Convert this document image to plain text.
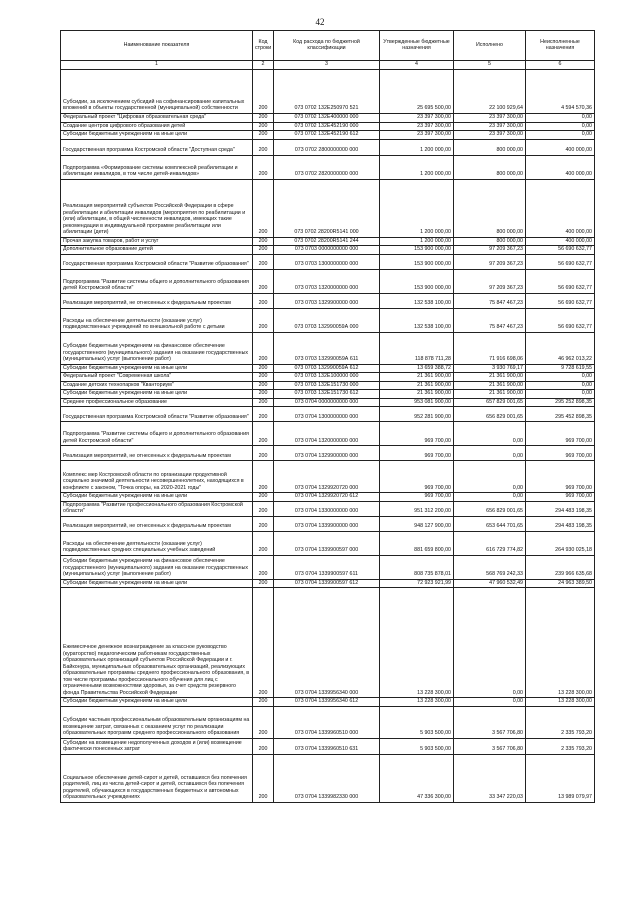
42
Наименование показателя	Код строки	Код расхода по бюджетной классификации	Утвержденные бюджетные назначения	Исполнено	Неисполненные назначения
1	2	3	4	5	6
Субсидии, за исключением субсидий на софинансирование капитальных вложений в объекты государственной (муниципальной) собственности	200	073 0702 132E250970 521	25 695 500,00	22 100 929,64	4 594 570,36
Федеральный проект "Цифровая образовательная среда"	200	073 0702 132E400000 000	23 397 300,00	23 397 300,00	0,00
Создание центров цифрового образования детей	200	073 0702 132E452190 000	23 397 300,00	23 397 300,00	0,00
Субсидии бюджетным учреждениям на иные цели	200	073 0702 132E452190 612	23 397 300,00	23 397 300,00	0,00
Государственная программа Костромской области "Доступная среда"	200	073 0702 2800000000 000	1 200 000,00	800 000,00	400 000,00
Подпрограмма «Формирование системы комплексной реабилитации и абилитации инвалидов, в том числе детей-инвалидов»	200	073 0702 2820000000 000	1 200 000,00	800 000,00	400 000,00
Реализация мероприятий субъектов Российской Федерации в сфере реабилитации и абилитации инвалидов (мероприятия по реабилитации и (или) абилитации, в общей численности инвалидов, имеющих такие рекомендации в индивидуальной программе реабилитации или абилитации (дети)	200	073 0702 28200R5141 000	1 200 000,00	800 000,00	400 000,00
Прочая закупка товаров, работ и услуг	200	073 0702 28200R5141 244	1 200 000,00	800 000,00	400 000,00
Дополнительное образование детей	200	073 0703 0000000000 000	153 900 000,00	97 209 367,23	56 690 632,77
Государственная программа Костромской области "Развитие образования"	200	073 0703 1300000000 000	153 900 000,00	97 209 367,23	56 690 632,77
Подпрограмма "Развитие системы общего и дополнительного образования детей Костромской области"	200	073 0703 1320000000 000	153 900 000,00	97 209 367,23	56 690 632,77
Реализация мероприятий, не отнесенных к федеральным проектам	200	073 0703 1329900000 000	132 538 100,00	75 847 467,23	56 690 632,77
Расходы на обеспечение деятельности (оказание услуг) подведомственных учреждений по внешкольной работе с детьми	200	073 0703 132990059А 000	132 538 100,00	75 847 467,23	56 690 632,77
Субсидии бюджетным учреждениям на финансовое обеспечение государственного (муниципального) задания на оказание государственных (муниципальных) услуг (выполнение работ)	200	073 0703 132990059А 611	118 878 711,28	71 916 698,06	46 962 013,22
Субсидии бюджетным учреждениям на иные цели	200	073 0703 132990059А 612	13 659 388,72	3 930 769,17	9 728 619,55
Федеральный проект "Современная школа"	200	073 0703 132E100000 000	21 361 900,00	21 361 900,00	0,00
Создание детских технопарков "Кванториум"	200	073 0703 132E151730 000	21 361 900,00	21 361 900,00	0,00
Субсидии бюджетным учреждениям на иные цели	200	073 0703 132E151730 612	21 361 900,00	21 361 900,00	0,00
Среднее профессиональное образование	200	073 0704 0000000000 000	953 081 900,00	657 829 001,65	295 252 898,35
Государственная программа Костромской области "Развитие образования"	200	073 0704 1300000000 000	952 281 900,00	656 829 001,65	295 452 898,35
Подпрограмма "Развитие системы общего и дополнительного образования детей Костромской области"	200	073 0704 1320000000 000	969 700,00	0,00	969 700,00
Реализация мероприятий, не отнесенных к федеральным проектам	200	073 0704 1329900000 000	969 700,00	0,00	969 700,00
Комплекс мер Костромской области по организации продуктивной социально значимой деятельности несовершеннолетних, находящихся в конфликте с законом, "Точка опоры, на 2020-2021 годы"	200	073 0704 1329920720 000	969 700,00	0,00	969 700,00
Субсидии бюджетным учреждениям на иные цели	200	073 0704 1329920720 612	969 700,00	0,00	969 700,00
Подпрограмма "Развитие профессионального образования Костромской области"	200	073 0704 1330000000 000	951 312 200,00	656 829 001,65	294 483 198,35
Реализация мероприятий, не отнесенных к федеральным проектам	200	073 0704 1339900000 000	948 127 900,00	653 644 701,65	294 483 198,35
Расходы на обеспечение деятельности (оказание услуг) подведомственных средних специальных учебных заведений	200	073 0704 1339900597 000	881 659 800,00	616 729 774,82	264 930 025,18
Субсидии бюджетным учреждениям на финансовое обеспечение государственного (муниципального) задания на оказание государственных (муниципальных) услуг (выполнение работ)	200	073 0704 1339900597 611	808 735 878,01	568 769 242,33	239 966 635,68
Субсидии бюджетным учреждениям на иные цели	200	073 0704 1339900597 612	72 923 921,99	47 960 532,49	24 963 389,50
Ежемесячное денежное вознаграждение за классное руководство (кураторство) педагогическим работникам государственных образовательных организаций субъектов Российской Федерации и г. Байконура, муниципальных образовательных организаций, реализующих образовательные программы среднего профессионального образования, в том числе программы профессионального обучения для лиц с ограниченными возможностями здоровья, за счет средств резервного фонда Правительства Российской Федерации	200	073 0704 1339956340 000	13 228 300,00	0,00	13 228 300,00
Субсидии бюджетным учреждениям на иные цели	200	073 0704 1339956340 612	13 228 300,00	0,00	13 228 300,00
Субсидии частным профессиональным образовательным организациям на возмещение затрат, связанных с оказанием услуг по реализации образовательных программ среднего профессионального образования	200	073 0704 1339960510 000	5 903 500,00	3 567 706,80	2 335 793,20
Субсидии на возмещение недополученных доходов и (или) возмещение фактически понесенных затрат	200	073 0704 1339960510 631	5 903 500,00	3 567 706,80	2 335 793,20
Социальное обеспечение детей-сирот и детей, оставшихся без попечения родителей, лиц из числа детей-сирот и детей, оставшихся без попечения родителей, обучающихся в государственных бюджетных и автономных образовательных учреждениях	200	073 0704 1339982330 000	47 336 300,00	33 347 220,03	13 989 079,97
